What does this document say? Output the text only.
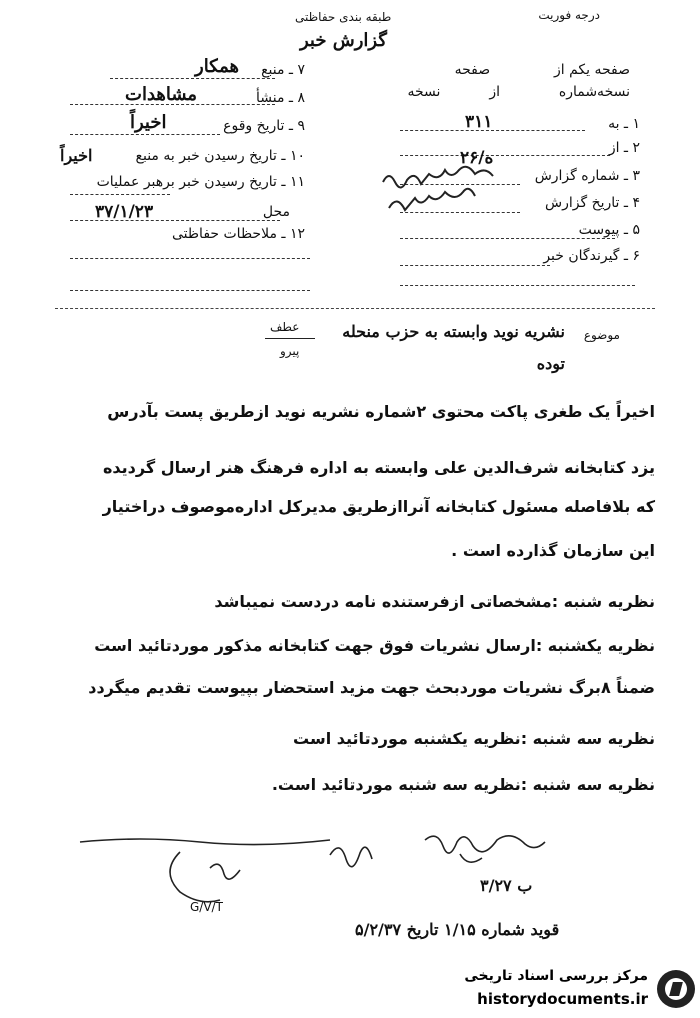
درجه فوریت
طبقه بندی حفاظتی
گزارش خبر
صفحه یکم از  صفحه
نسخه‌شماره  از  نسخه
۱ ـ به
۳۱۱
۲ ـ از
۳ ـ شماره گزارش
۲۶/ه
۴ ـ تاریخ گزارش
۵ ـ پیوست
۶ ـ گیرندگان خبر
۷ ـ منبع
همکار
۸ ـ منشأ
مشاهدات
۹ ـ تاریخ وقوع
اخیراً
۱۰ ـ تاریخ رسیدن خبر به منبع
اخیراً
۱۱ ـ تاریخ رسیدن خبر برهبر عملیات
۳۷/۱/۲۳	محل
۱۲ ـ ملاحظات حفاظتی
موضوع
نشریه نوید وابسته به حزب منحله
توده
عطف
پیرو
اخیراً یک طغری پاکت محتوی ۲شماره نشریه نوید ازطریق پست بآدرس
یزد کتابخانه شرف‌الدین علی وابسته به اداره فرهنگ هنر ارسال گردیده
که بلافاصله مسئول کتابخانه آنراازطریق مدیرکل اداره‌موصوف دراختیار
این سازمان گذارده است .
نظریه شنبه :مشخصاتی ازفرستنده نامه دردست نمیباشد
نظریه یکشنبه :ارسال نشریات فوق جهت کتابخانه مذکور موردتائید است
ضمناً ۸برگ نشریات موردبحث جهت مزید استحضار بپیوست تقدیم میگردد
نظریه سه شنبه :نظریه یکشنبه موردتائید است
نظریه سه شنبه :نظریه سه شنبه موردتائید است.
ب ۳/۲۷
G/V/T
قوید شماره ۱/۱۵ تاریخ ۵/۲/۳۷
مرکز بررسی اسناد تاریخی
historydocuments.ir
